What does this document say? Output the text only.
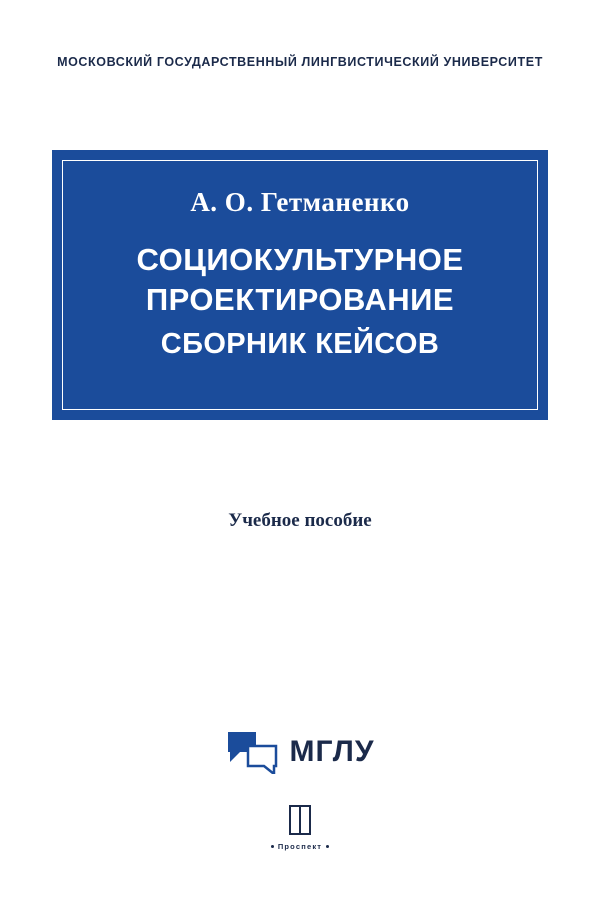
МОСКОВСКИЙ ГОСУДАРСТВЕННЫЙ ЛИНГВИСТИЧЕСКИЙ УНИВЕРСИТЕТ
А. О. Гетманенко
СОЦИОКУЛЬТУРНОЕ
ПРОЕКТИРОВАНИЕ
СБОРНИК КЕЙСОВ
Учебное пособие
МГЛУ
Проспект
